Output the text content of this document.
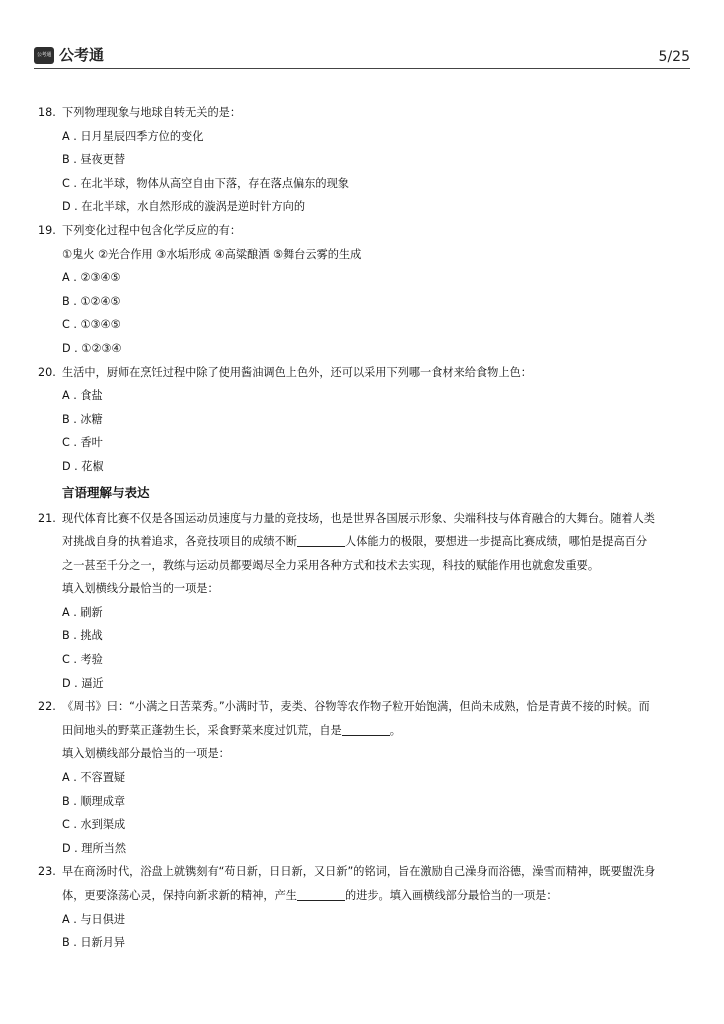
公考通 公考通	5/25
18. 下列物理现象与地球自转无关的是：
A . 日月星辰四季方位的变化
B . 昼夜更替
C . 在北半球，物体从高空自由下落，存在落点偏东的现象
D . 在北半球，水自然形成的漩涡是逆时针方向的
19. 下列变化过程中包含化学反应的有：
①鬼火 ②光合作用 ③水垢形成 ④高粱酿酒 ⑤舞台云雾的生成
A . ②③④⑤
B . ①②④⑤
C . ①③④⑤
D . ①②③④
20. 生活中，厨师在烹饪过程中除了使用酱油调色上色外，还可以采用下列哪一食材来给食物上色：
A . 食盐
B . 冰糖
C . 香叶
D . 花椒
言语理解与表达
21. 现代体育比赛不仅是各国运动员速度与力量的竞技场，也是世界各国展示形象、尖端科技与体育融合的大舞台。随着人类
对挑战自身的执着追求，各竞技项目的成绩不断	人体能力的极限，要想进一步提高比赛成绩，哪怕是提高百分
之一甚至千分之一，教练与运动员都要竭尽全力采用各种方式和技术去实现，科技的赋能作用也就愈发重要。
填入划横线分最恰当的一项是：
A . 刷新
B . 挑战
C . 考验
D . 逼近
22. 《周书》曰：“小满之日苦菜秀。”小满时节，麦类、谷物等农作物子粒开始饱满，但尚未成熟，恰是青黄不接的时候。而
田间地头的野菜正蓬勃生长，采食野菜来度过饥荒，自是	。
填入划横线部分最恰当的一项是：
A . 不容置疑
B . 顺理成章
C . 水到渠成
D . 理所当然
23. 早在商汤时代，浴盘上就镌刻有“苟日新，日日新，又日新”的铭词，旨在激励自己澡身而浴德，澡雪而精神，既要盥洗身
体，更要涤荡心灵，保持向新求新的精神，产生	的进步。填入画横线部分最恰当的一项是：
A . 与日俱进
B . 日新月异
